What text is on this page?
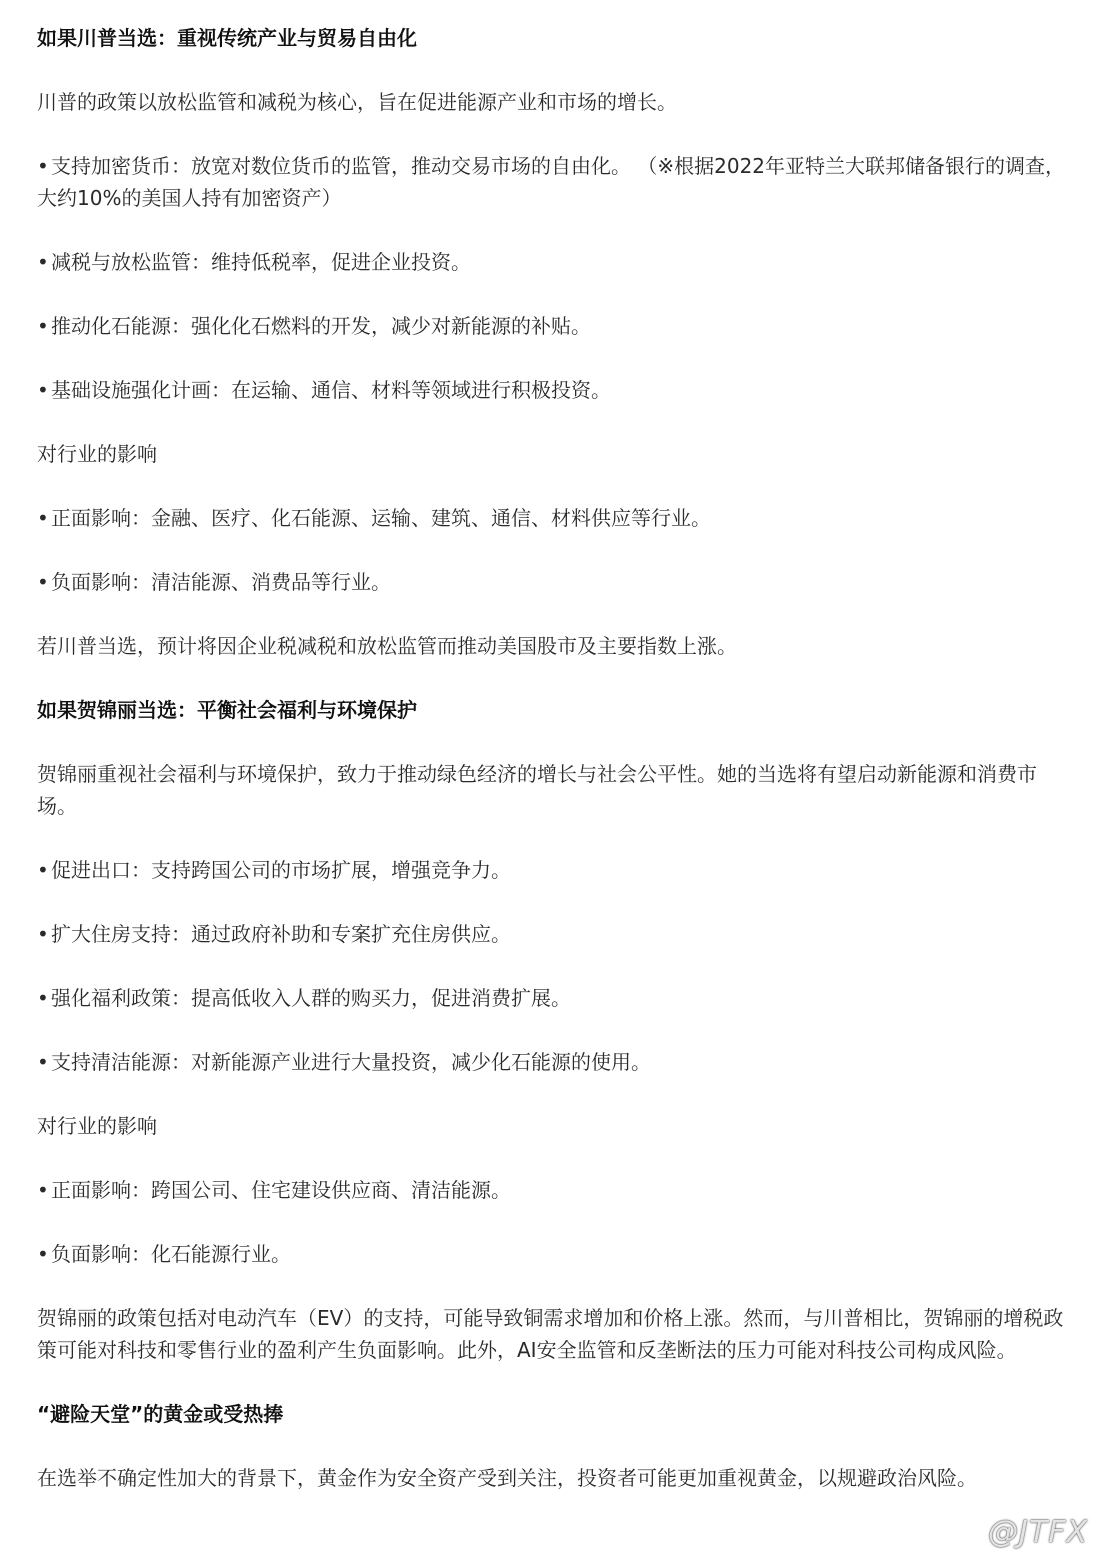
如果川普当选：重视传统产业与贸易自由化
川普的政策以放松监管和减税为核心，旨在促进能源产业和市场的增长。
• 支持加密货币：放宽对数位货币的监管，推动交易市场的自由化。 （※根据2022年亚特兰大联邦储备银行的调查，大约10%的美国人持有加密资产）
• 减税与放松监管：维持低税率，促进企业投资。
• 推动化石能源：强化化石燃料的开发，减少对新能源的补贴。
• 基础设施强化计画：在运输、通信、材料等领域进行积极投资。
对行业的影响
• 正面影响：金融、医疗、化石能源、运输、建筑、通信、材料供应等行业。
• 负面影响：清洁能源、消费品等行业。
若川普当选，预计将因企业税减税和放松监管而推动美国股市及主要指数上涨。
如果贺锦丽当选：平衡社会福利与环境保护
贺锦丽重视社会福利与环境保护，致力于推动绿色经济的增长与社会公平性。她的当选将有望启动新能源和消费市场。
• 促进出口：支持跨国公司的市场扩展，增强竞争力。
• 扩大住房支持：通过政府补助和专案扩充住房供应。
• 强化福利政策：提高低收入人群的购买力，促进消费扩展。
• 支持清洁能源：对新能源产业进行大量投资，减少化石能源的使用。
对行业的影响
• 正面影响：跨国公司、住宅建设供应商、清洁能源。
• 负面影响：化石能源行业。
贺锦丽的政策包括对电动汽车（EV）的支持，可能导致铜需求增加和价格上涨。然而，与川普相比，贺锦丽的增税政策可能对科技和零售行业的盈利产生负面影响。此外，AI安全监管和反垄断法的压力可能对科技公司构成风险。
“避险天堂”的黄金或受热捧
在选举不确定性加大的背景下，黄金作为安全资产受到关注，投资者可能更加重视黄金，以规避政治风险。
@JTFX
